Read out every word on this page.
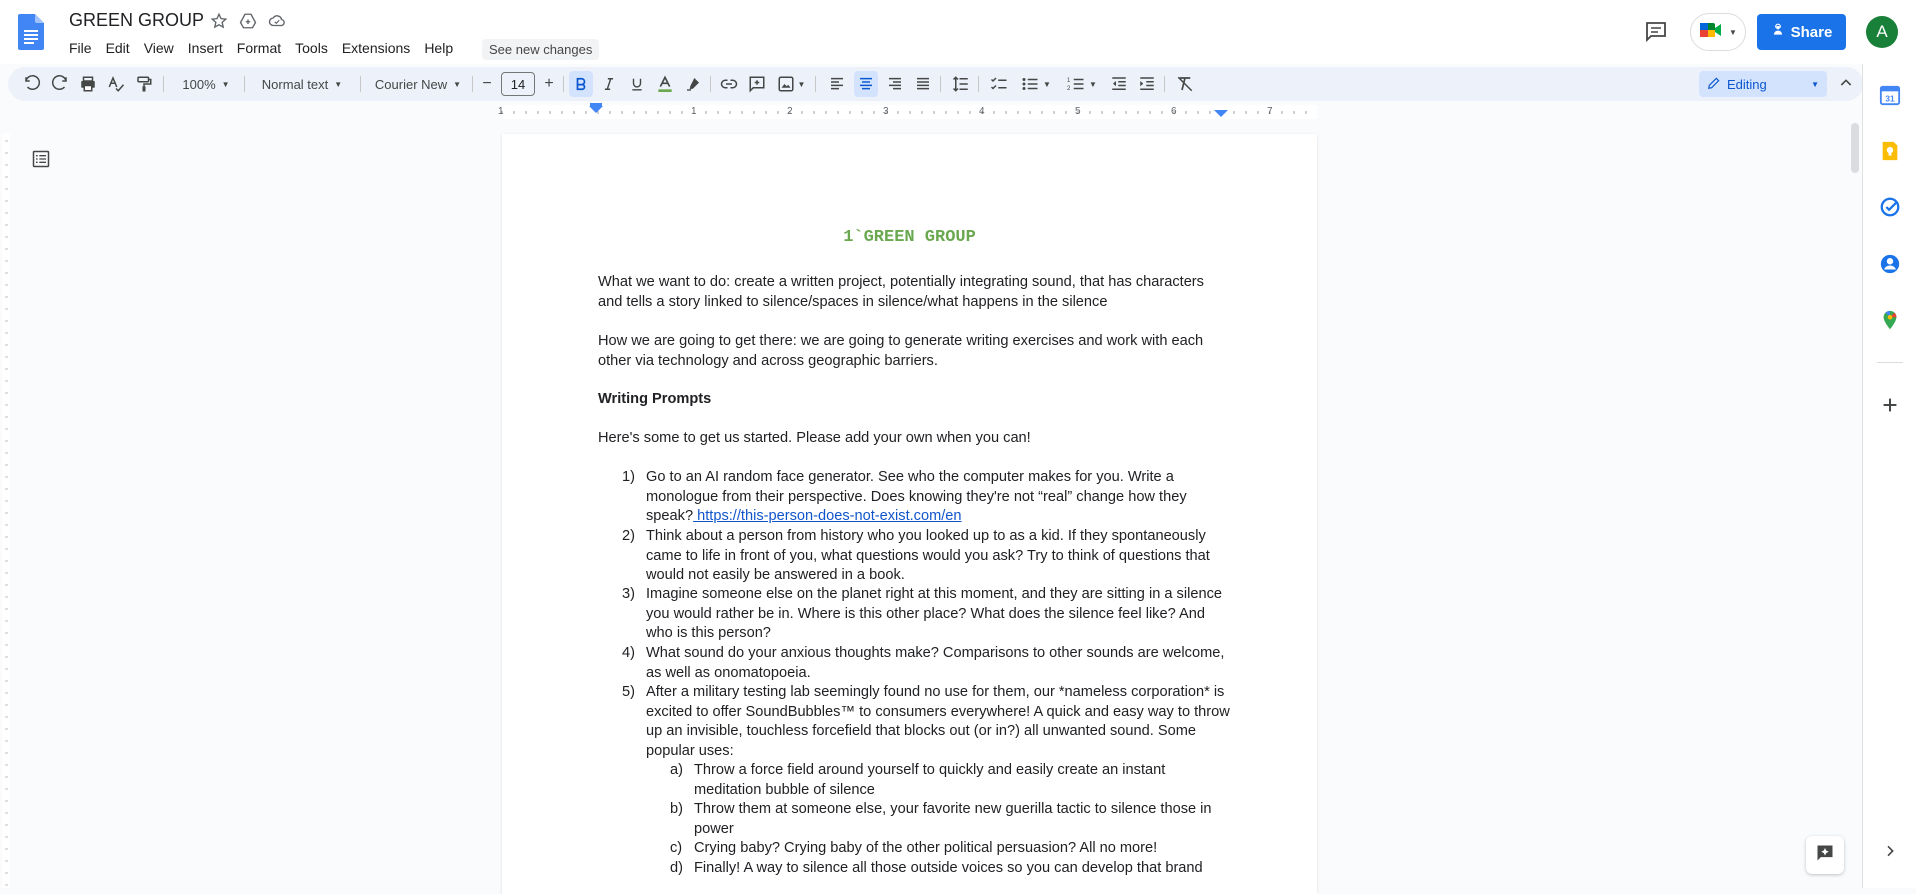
GREEN GROUP
File	Edit	View	Insert	Format	Tools	Extensions	Help	See new changes
▼	Share	A
100% ▼ Normal text ▼	Courier New ▼ −	14	+	▼	▼ 1
2
▼	Editing	▼
1	1	2	3	4	5	6	7
1`GREEN GROUP
What we want to do: create a written project, potentially integrating sound, that has characters and tells a story linked to silence/spaces in silence/what happens in the silence
How we are going to get there: we are going to generate writing exercises and work with each other via technology and across geographic barriers.
Writing Prompts
Here's some to get us started. Please add your own when you can!
1) Go to an AI random face generator. See who the computer makes for you. Write a monologue from their perspective. Does knowing they're not “real” change how they speak? https://this-person-does-not-exist.com/en
2) Think about a person from history who you looked up to as a kid. If they spontaneously came to life in front of you, what questions would you ask? Try to think of questions that would not easily be answered in a book.
3) Imagine someone else on the planet right at this moment, and they are sitting in a silence you would rather be in. Where is this other place? What does the silence feel like? And who is this person?
4) What sound do your anxious thoughts make? Comparisons to other sounds are welcome, as well as onomatopoeia.
5) After a military testing lab seemingly found no use for them, our *nameless corporation* is excited to offer SoundBubbles™ to consumers everywhere! A quick and easy way to throw up an invisible, touchless forcefield that blocks out (or in?) all unwanted sound. Some popular uses:
a) Throw a force field around yourself to quickly and easily create an instant meditation bubble of silence
b) Throw them at someone else, your favorite new guerilla tactic to silence those in power
c) Crying baby? Crying baby of the other political persuasion? All no more!
d) Finally! A way to silence all those outside voices so you can develop that brand
31
